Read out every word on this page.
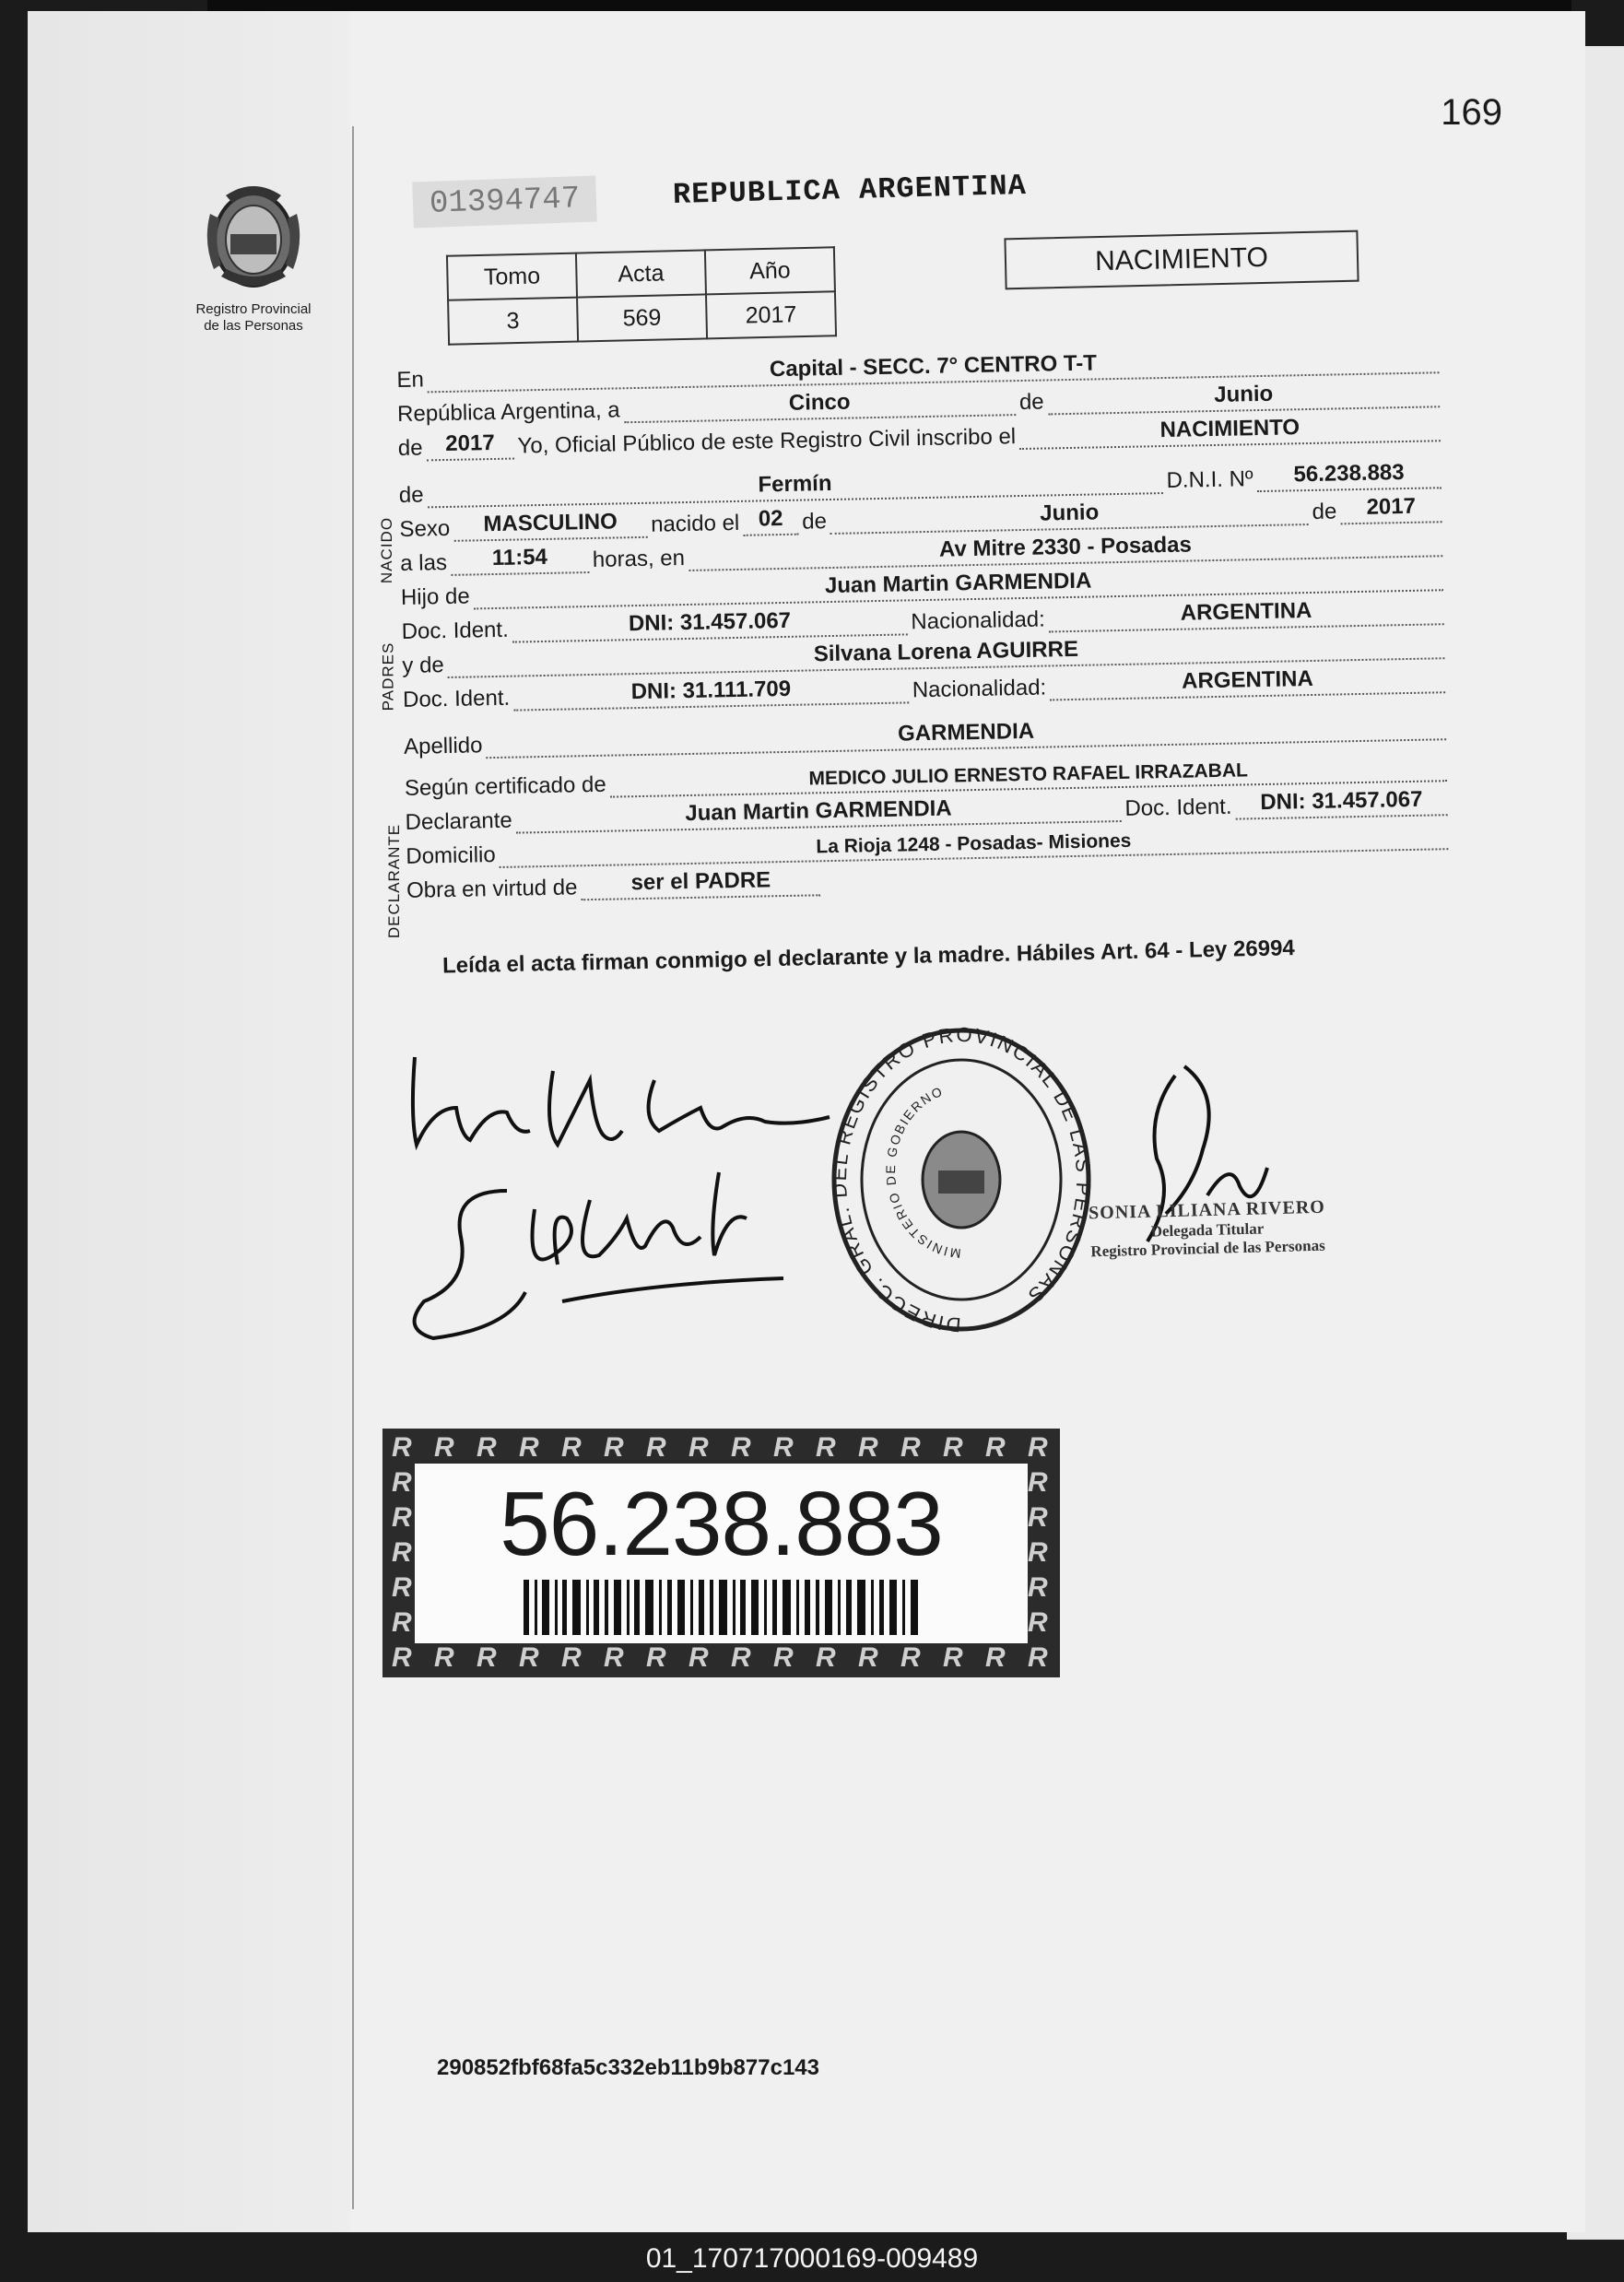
169
01394747	REPUBLICA ARGENTINA
Registro Provincial
de las Personas
Tomo	Acta	Año
3	569	2017
NACIMIENTO
NACIDO
PADRES
DECLARANTE
En	Capital - SECC. 7° CENTRO T-T
República Argentina, a	Cinco	de	Junio
de	2017	Yo, Oficial Público de este Registro Civil inscribo el	NACIMIENTO
de	Fermín	D.N.I. Nº	56.238.883
Sexo	MASCULINO	nacido el 02 de	Junio	de	2017
a las	11:54	horas, en	Av Mitre 2330 - Posadas
Hijo de	Juan Martin GARMENDIA
Doc. Ident.	DNI: 31.457.067	Nacionalidad:	ARGENTINA
y de	Silvana Lorena AGUIRRE
Doc. Ident.	DNI: 31.111.709	Nacionalidad:	ARGENTINA
Apellido	GARMENDIA
Según certificado de	MEDICO JULIO ERNESTO RAFAEL IRRAZABAL
Declarante	Juan Martin GARMENDIA	Doc. Ident.	DNI: 31.457.067
Domicilio	La Rioja 1248 - Posadas- Misiones
Obra en virtud de	ser el PADRE
Leída el acta firman conmigo el declarante y la madre. Hábiles Art. 64 - Ley 26994
DIRECC. GRAL. DEL REGISTRO PROVINCIAL DE LAS PERSONAS
MINISTERIO DE GOBIERNO
SONIA LILIANA RIVERO
Delegada Titular
Registro Provincial de las Personas
56.238.883
290852fbf68fa5c332eb11b9b877c143
01_170717000169-009489
